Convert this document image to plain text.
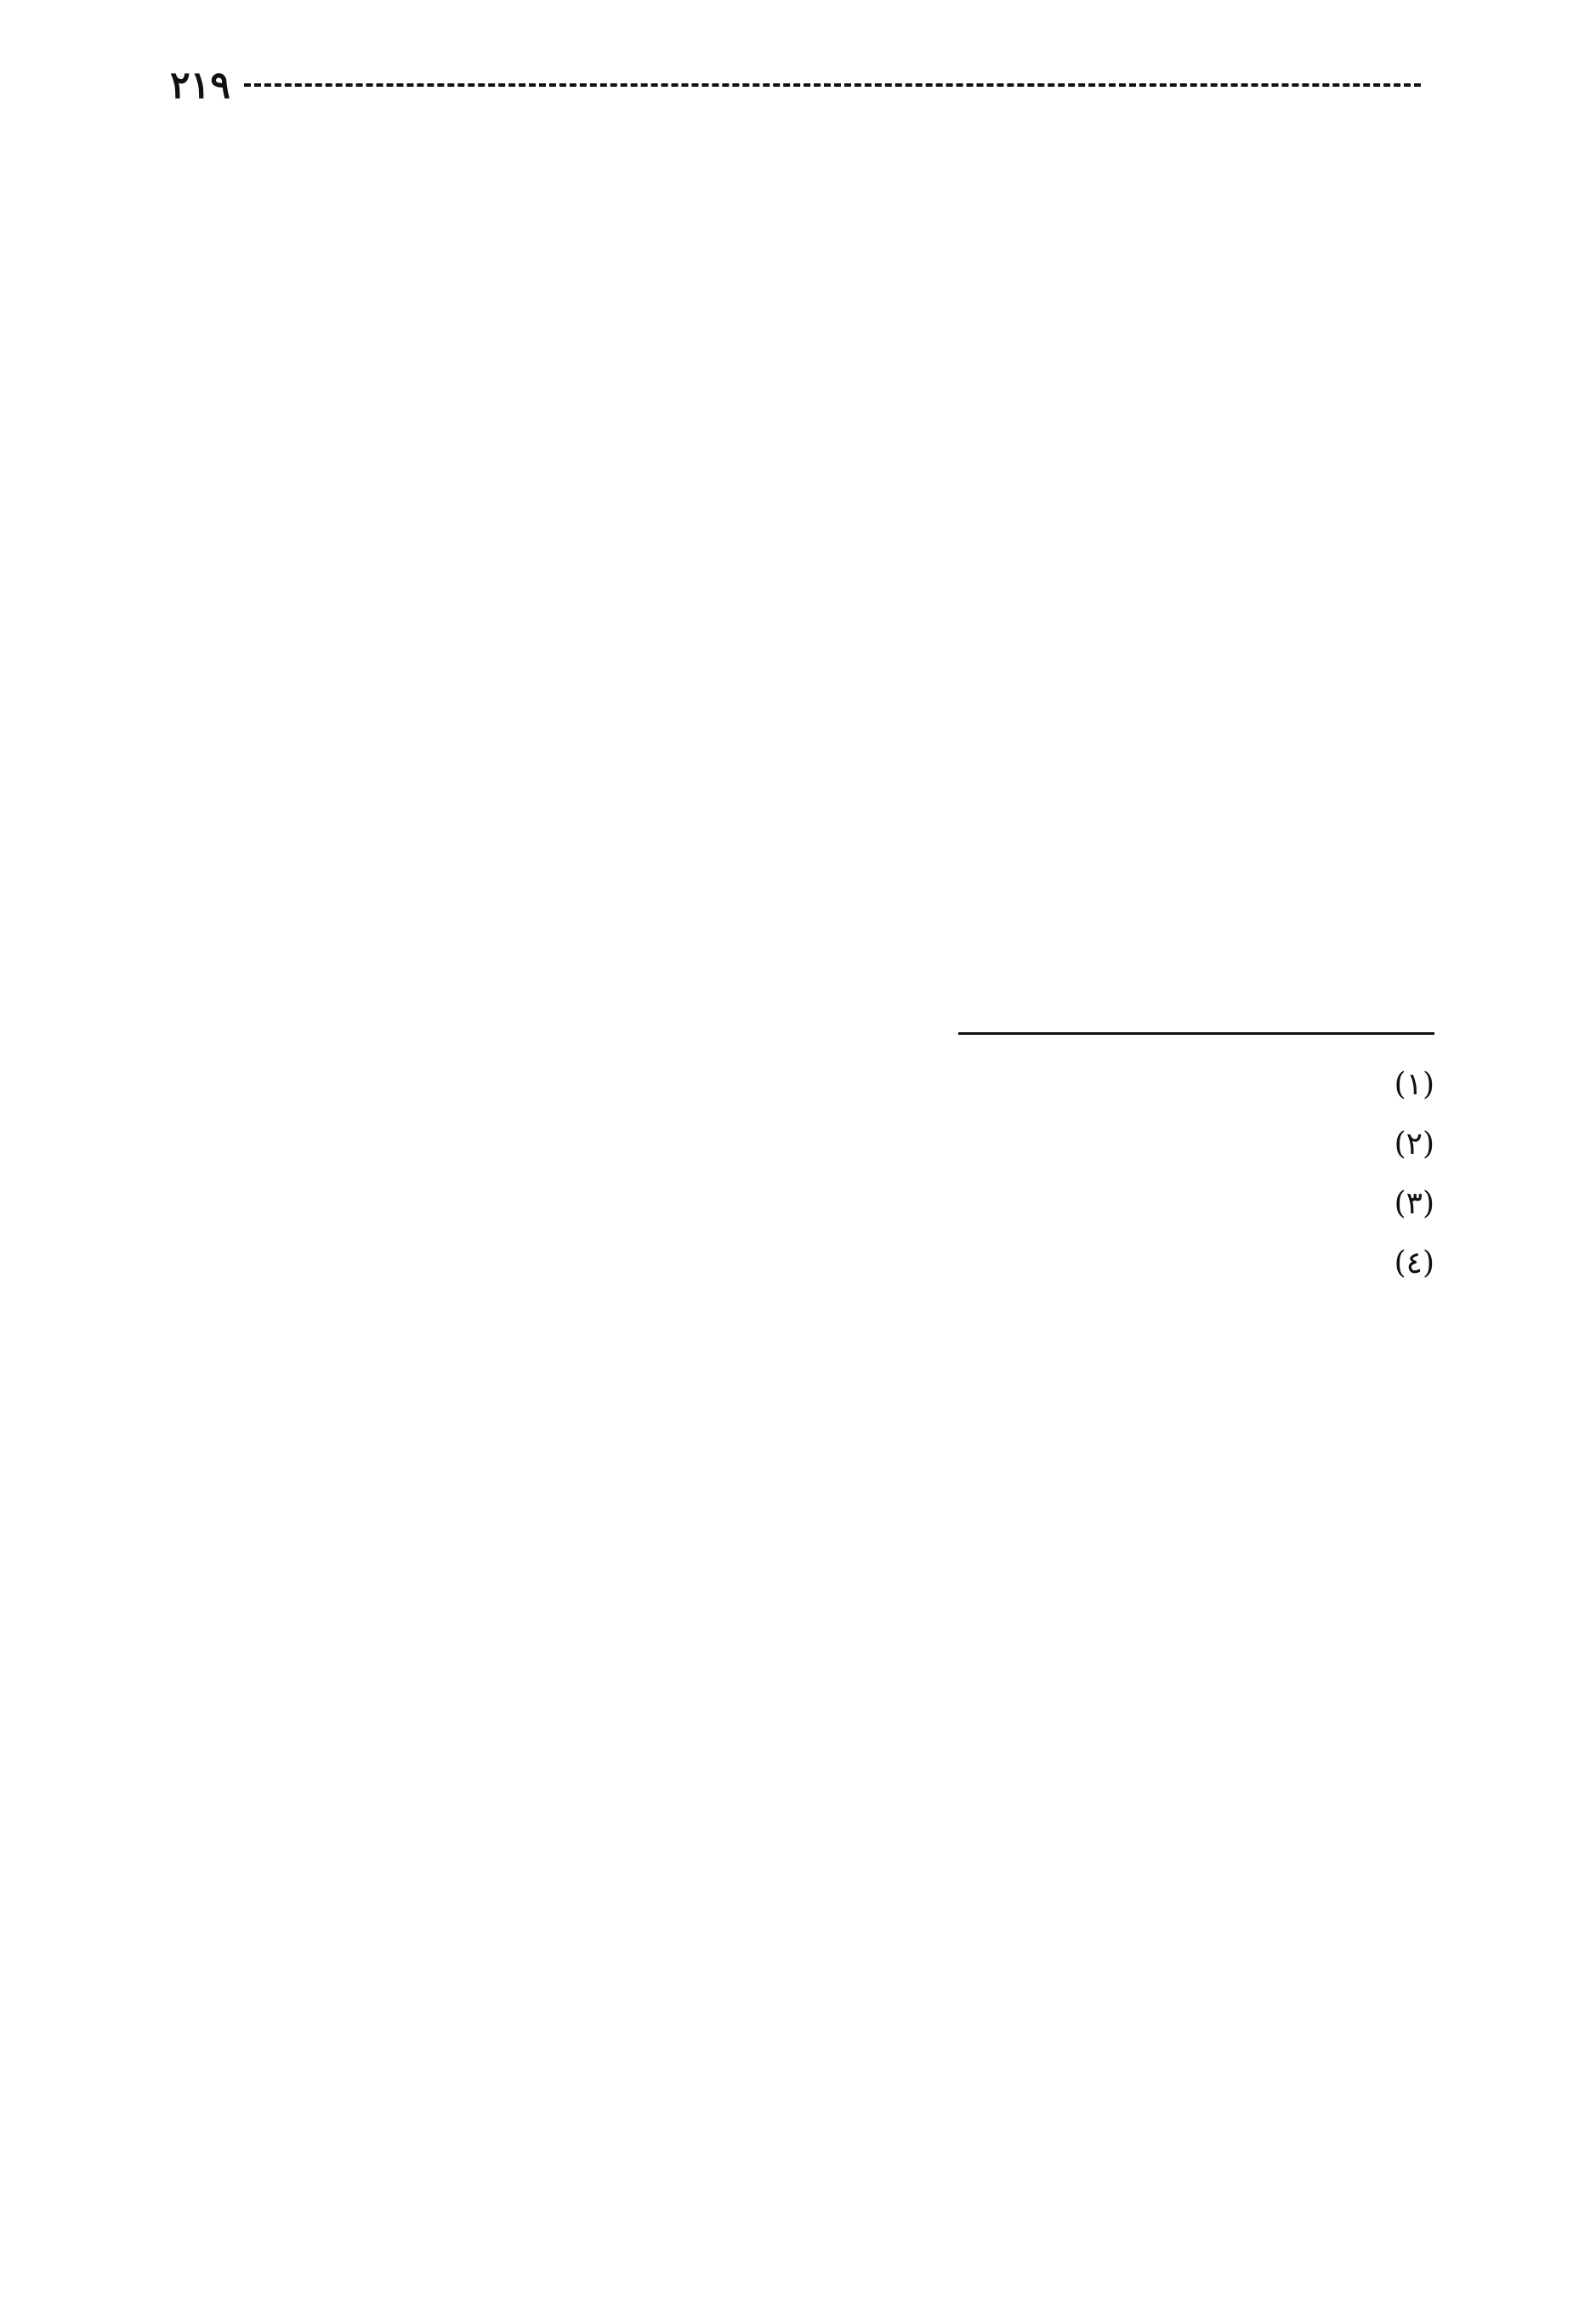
٢١٩

(١)

(٢)

(٣)

(٤)
